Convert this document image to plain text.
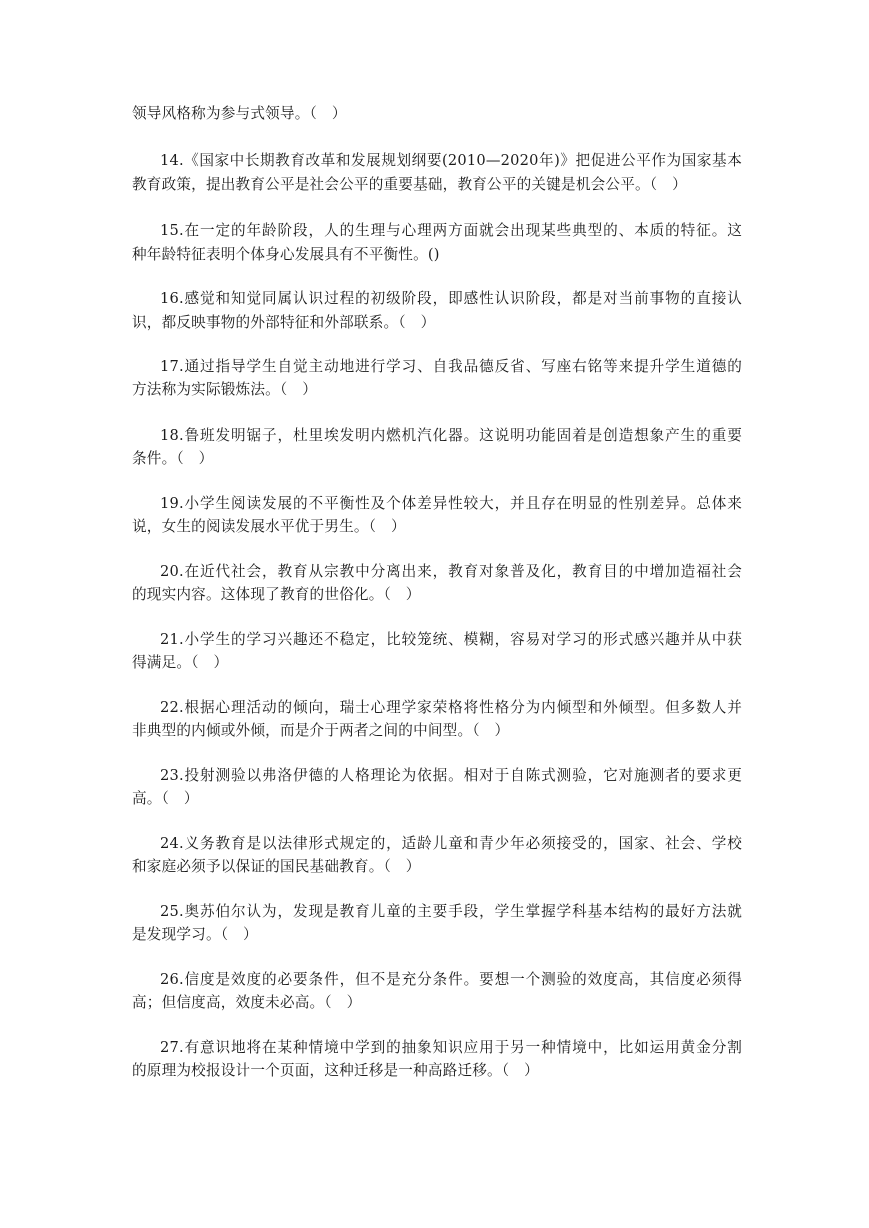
领导风格称为参与式领导。（　）
14.《国家中长期教育改革和发展规划纲要(2010—2020年)》把促进公平作为国家基本
教育政策，提出教育公平是社会公平的重要基础，教育公平的关键是机会公平。（　）
15.在一定的年龄阶段，人的生理与心理两方面就会出现某些典型的、本质的特征。这
种年龄特征表明个体身心发展具有不平衡性。()
16.感觉和知觉同属认识过程的初级阶段，即感性认识阶段，都是对当前事物的直接认
识，都反映事物的外部特征和外部联系。（　）
17.通过指导学生自觉主动地进行学习、自我品德反省、写座右铭等来提升学生道德的
方法称为实际锻炼法。（　）
18.鲁班发明锯子，杜里埃发明内燃机汽化器。这说明功能固着是创造想象产生的重要
条件。（　）
19.小学生阅读发展的不平衡性及个体差异性较大，并且存在明显的性别差异。总体来
说，女生的阅读发展水平优于男生。（　）
20.在近代社会，教育从宗教中分离出来，教育对象普及化，教育目的中增加造福社会
的现实内容。这体现了教育的世俗化。（　）
21.小学生的学习兴趣还不稳定，比较笼统、模糊，容易对学习的形式感兴趣并从中获
得满足。（　）
22.根据心理活动的倾向，瑞士心理学家荣格将性格分为内倾型和外倾型。但多数人并
非典型的内倾或外倾，而是介于两者之间的中间型。（　）
23.投射测验以弗洛伊德的人格理论为依据。相对于自陈式测验，它对施测者的要求更
高。（　）
24.义务教育是以法律形式规定的，适龄儿童和青少年必须接受的，国家、社会、学校
和家庭必须予以保证的国民基础教育。（　）
25.奥苏伯尔认为，发现是教育儿童的主要手段，学生掌握学科基本结构的最好方法就
是发现学习。（　）
26.信度是效度的必要条件，但不是充分条件。要想一个测验的效度高，其信度必须得
高；但信度高，效度未必高。（　）
27.有意识地将在某种情境中学到的抽象知识应用于另一种情境中，比如运用黄金分割
的原理为校报设计一个页面，这种迁移是一种高路迁移。（　）
